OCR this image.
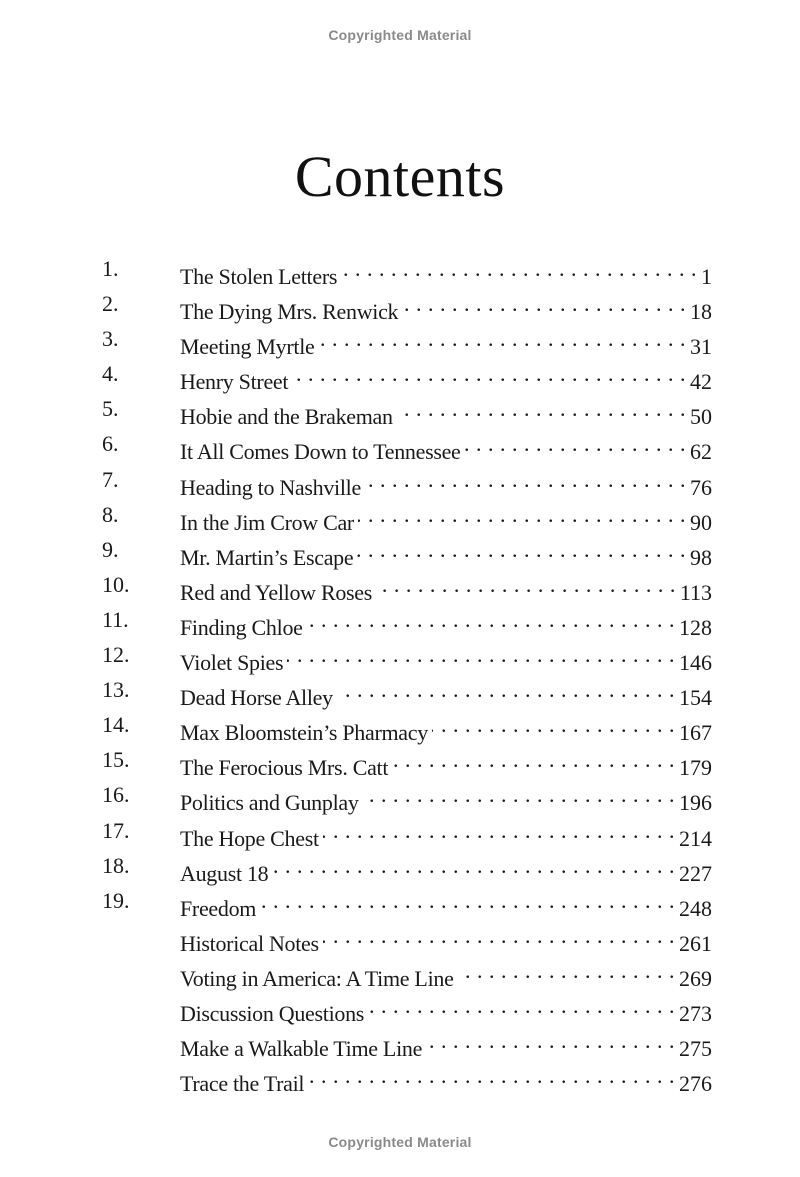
Copyrighted Material
Contents
1.	The Stolen Letters . . .	1
2.	The Dying Mrs. Renwick . . .	18
3.	Meeting Myrtle . . .	31
4.	Henry Street . . .	42
5.	Hobie and the Brakeman . . .	50
6.	It All Comes Down to Tennessee . . .	62
7.	Heading to Nashville . . .	76
8.	In the Jim Crow Car . . .	90
9.	Mr. Martin’s Escape . . .	98
10. Red and Yellow Roses . . .	113
11. Finding Chloe . . .	128
12. Violet Spies . . .	146
13. Dead Horse Alley . . .	154
14. Max Bloomstein’s Pharmacy . . .	167
15. The Ferocious Mrs. Catt . . .	179
16. Politics and Gunplay . . .	196
17. The Hope Chest . . .	214
18. August 18 . . .	227
19. Freedom . . .	248
Historical Notes . . .	261
Voting in America: A Time Line . . .	269
Discussion Questions . . .	273
Make a Walkable Time Line . . .	275
Trace the Trail . . .	276
Copyrighted Material
